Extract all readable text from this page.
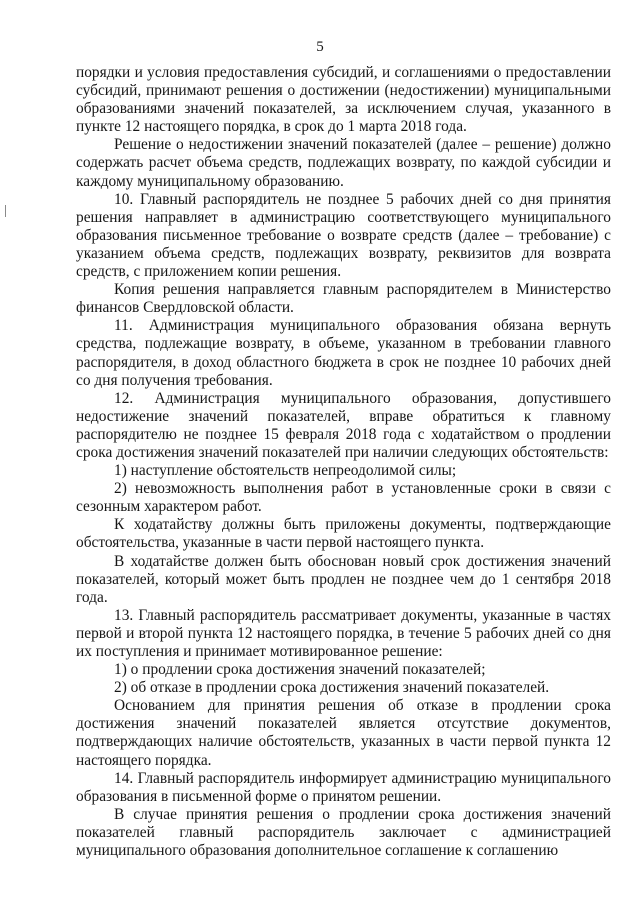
5

порядки и условия предоставления субсидий, и соглашениями о предоставлении субсидий, принимают решения о достижении (недостижении) муниципальными образованиями значений показателей, за исключением случая, указанного в пункте 12 настоящего порядка, в срок до 1 марта 2018 года.

Решение о недостижении значений показателей (далее – решение) должно содержать расчет объема средств, подлежащих возврату, по каждой субсидии и каждому муниципальному образованию.

10. Главный распорядитель не позднее 5 рабочих дней со дня принятия решения направляет в администрацию соответствующего муниципального образования письменное требование о возврате средств (далее – требование) с указанием объема средств, подлежащих возврату, реквизитов для возврата средств, с приложением копии решения.

Копия решения направляется главным распорядителем в Министерство финансов Свердловской области.

11. Администрация муниципального образования обязана вернуть средства, подлежащие возврату, в объеме, указанном в требовании главного распорядителя, в доход областного бюджета в срок не позднее 10 рабочих дней со дня получения требования.

12. Администрация муниципального образования, допустившего недостижение значений показателей, вправе обратиться к главному распорядителю не позднее 15 февраля 2018 года с ходатайством о продлении срока достижения значений показателей при наличии следующих обстоятельств:

1) наступление обстоятельств непреодолимой силы;

2) невозможность выполнения работ в установленные сроки в связи с сезонным характером работ.

К ходатайству должны быть приложены документы, подтверждающие обстоятельства, указанные в части первой настоящего пункта.

В ходатайстве должен быть обоснован новый срок достижения значений показателей, который может быть продлен не позднее чем до 1 сентября 2018 года.

13. Главный распорядитель рассматривает документы, указанные в частях первой и второй пункта 12 настоящего порядка, в течение 5 рабочих дней со дня их поступления и принимает мотивированное решение:

1) о продлении срока достижения значений показателей;

2) об отказе в продлении срока достижения значений показателей.

Основанием для принятия решения об отказе в продлении срока достижения значений показателей является отсутствие документов, подтверждающих наличие обстоятельств, указанных в части первой пункта 12 настоящего порядка.

14. Главный распорядитель информирует администрацию муниципального образования в письменной форме о принятом решении.

В случае принятия решения о продлении срока достижения значений показателей главный распорядитель заключает с администрацией муниципального образования дополнительное соглашение к соглашению
